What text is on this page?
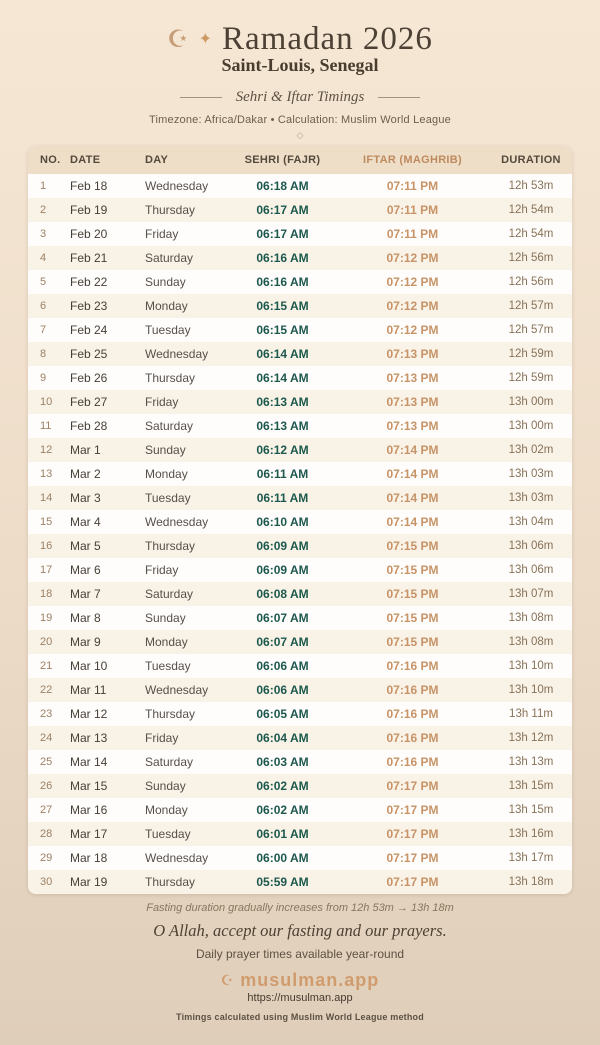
☪ ✦ Ramadan 2026
Saint-Louis, Senegal
Sehri & Iftar Timings
Timezone: Africa/Dakar • Calculation: Muslim World League
◇
NO. DATE	DAY	SEHRI (FAJR)	IFTAR (MAGHRIB)	DURATION
1	Feb 18	Wednesday	06:18 AM	07:11 PM	12h 53m
2	Feb 19	Thursday	06:17 AM	07:11 PM	12h 54m
3	Feb 20	Friday	06:17 AM	07:11 PM	12h 54m
4	Feb 21	Saturday	06:16 AM	07:12 PM	12h 56m
5	Feb 22	Sunday	06:16 AM	07:12 PM	12h 56m
6	Feb 23	Monday	06:15 AM	07:12 PM	12h 57m
7	Feb 24	Tuesday	06:15 AM	07:12 PM	12h 57m
8	Feb 25	Wednesday	06:14 AM	07:13 PM	12h 59m
9	Feb 26	Thursday	06:14 AM	07:13 PM	12h 59m
10	Feb 27	Friday	06:13 AM	07:13 PM	13h 00m
11	Feb 28	Saturday	06:13 AM	07:13 PM	13h 00m
12	Mar 1	Sunday	06:12 AM	07:14 PM	13h 02m
13	Mar 2	Monday	06:11 AM	07:14 PM	13h 03m
14	Mar 3	Tuesday	06:11 AM	07:14 PM	13h 03m
15	Mar 4	Wednesday	06:10 AM	07:14 PM	13h 04m
16	Mar 5	Thursday	06:09 AM	07:15 PM	13h 06m
17	Mar 6	Friday	06:09 AM	07:15 PM	13h 06m
18	Mar 7	Saturday	06:08 AM	07:15 PM	13h 07m
19	Mar 8	Sunday	06:07 AM	07:15 PM	13h 08m
20	Mar 9	Monday	06:07 AM	07:15 PM	13h 08m
21	Mar 10	Tuesday	06:06 AM	07:16 PM	13h 10m
22	Mar 11	Wednesday	06:06 AM	07:16 PM	13h 10m
23	Mar 12	Thursday	06:05 AM	07:16 PM	13h 11m
24	Mar 13	Friday	06:04 AM	07:16 PM	13h 12m
25	Mar 14	Saturday	06:03 AM	07:16 PM	13h 13m
26	Mar 15	Sunday	06:02 AM	07:17 PM	13h 15m
27	Mar 16	Monday	06:02 AM	07:17 PM	13h 15m
28	Mar 17	Tuesday	06:01 AM	07:17 PM	13h 16m
29	Mar 18	Wednesday	06:00 AM	07:17 PM	13h 17m
30	Mar 19	Thursday	05:59 AM	07:17 PM	13h 18m
Fasting duration gradually increases from 12h 53m → 13h 18m
O Allah, accept our fasting and our prayers.
Daily prayer times available year-round
☪ musulman.app
https://musulman.app
Timings calculated using Muslim World League method
